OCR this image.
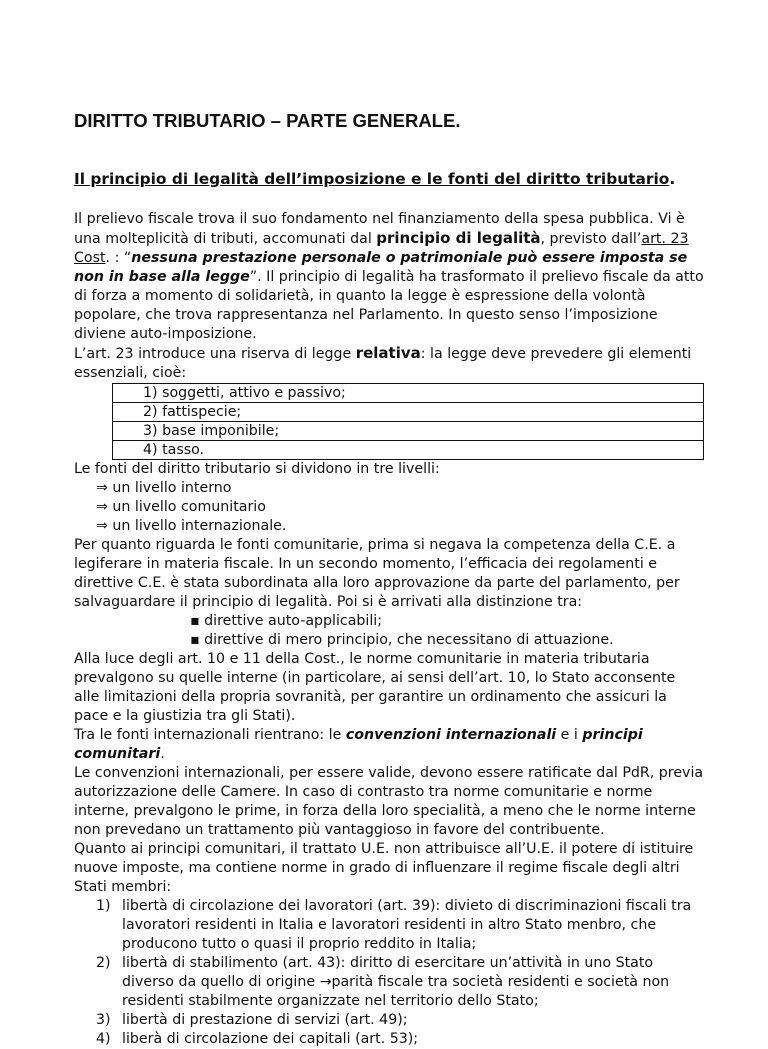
DIRITTO TRIBUTARIO – PARTE GENERALE.
Il principio di legalità dell’imposizione e le fonti del diritto tributario.

Il prelievo fiscale trova il suo fondamento nel finanziamento della spesa pubblica. Vi è una molteplicità di tributi, accomunati dal principio di legalità, previsto dall’art. 23 Cost. : “nessuna prestazione personale o patrimoniale può essere imposta se non in base alla legge”. Il principio di legalità ha trasformato il prelievo fiscale da atto di forza a momento di solidarietà, in quanto la legge è espressione della volontà popolare, che trova rappresentanza nel Parlamento. In questo senso l’imposizione diviene auto-imposizione.

L’art. 23 introduce una riserva di legge relativa: la legge deve prevedere gli elementi essenziali, cioè:

1) soggetti, attivo e passivo;
2) fattispecie;
3) base imponibile;
4) tasso.

Le fonti del diritto tributario si dividono in tre livelli:

⇒ un livello interno
⇒ un livello comunitario
⇒ un livello internazionale.

Per quanto riguarda le fonti comunitarie, prima si negava la competenza della C.E. a legiferare in materia fiscale. In un secondo momento, l’efficacia dei regolamenti e direttive C.E. è stata subordinata alla loro approvazione da parte del parlamento, per salvaguardare il principio di legalità. Poi si è arrivati alla distinzione tra:

▪ direttive auto-applicabili;
▪ direttive di mero principio, che necessitano di attuazione.

Alla luce degli art. 10 e 11 della Cost., le norme comunitarie in materia tributaria prevalgono su quelle interne (in particolare, ai sensi dell’art. 10, lo Stato acconsente alle limitazioni della propria sovranità, per garantire un ordinamento che assicuri la pace e la giustizia tra gli Stati).

Tra le fonti internazionali rientrano: le convenzioni internazionali e i principi comunitari.

Le convenzioni internazionali, per essere valide, devono essere ratificate dal PdR, previa autorizzazione delle Camere. In caso di contrasto tra norme comunitarie e norme interne, prevalgono le prime, in forza della loro specialità, a meno che le norme interne non prevedano un trattamento più vantaggioso in favore del contribuente.

Quanto ai principi comunitari, il trattato U.E. non attribuisce all’U.E. il potere di istituire nuove imposte, ma contiene norme in grado di influenzare il regime fiscale degli altri Stati membri:

1) libertà di circolazione dei lavoratori (art. 39): divieto di discriminazioni fiscali tra lavoratori residenti in Italia e lavoratori residenti in altro Stato menbro, che producono tutto o quasi il proprio reddito in Italia;
2) libertà di stabilimento (art. 43): diritto di esercitare un’attività in uno Stato diverso da quello di origine →parità fiscale tra società residenti e società non residenti stabilmente organizzate nel territorio dello Stato;
3) libertà di prestazione di servizi (art. 49);
4) liberà di circolazione dei capitali (art. 53);
